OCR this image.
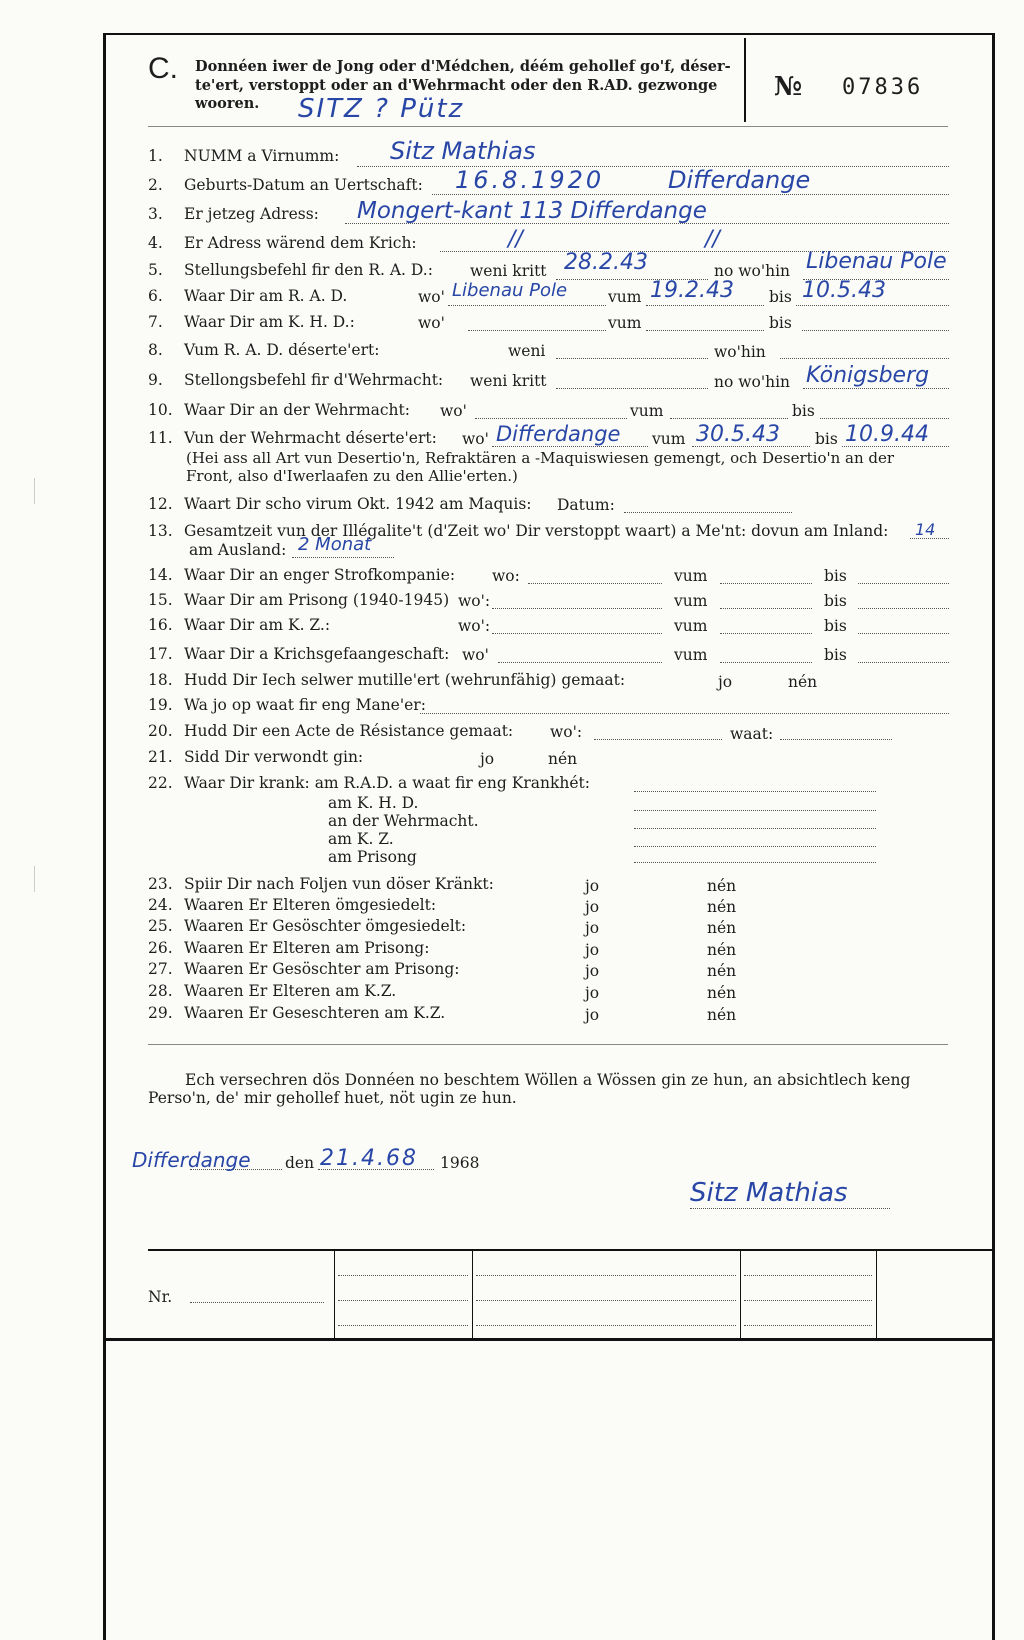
C. Donnéen iwer de Jong oder d'Médchen, déém gehollef go'f, déser-
te'ert, verstoppt oder an d'Wehrmacht oder den R.AD. gezwonge
wooren. SITZ ? Pütz
№ 07836
1. NUMM a Virnumm: Sitz Mathias
2. Geburts-Datum an Uertschaft: 16.8.1920	Differdange
3. Er jetzeg Adress: Mongert-kant 113 Differdange
4. Er Adress wärend dem Krich:	//	//
5. Stellungsbefehl fir den R. A. D.: weni kritt 28.2.43	no wo'hin Libenau Pole
6. Waar Dir am R. A. D.	wo' Libenau Pole	vum 19.2.43 bis 10.5.43
7. Waar Dir am K. H. D.:	wo'	vum	bis
8. Vum R. A. D. déserte'ert:	weni	wo'hin
9. Stellongsbefehl fir d'Wehrmacht: weni kritt	no wo'hin Königsberg
10. Waar Dir an der Wehrmacht: wo'	vum	bis
11. Vun der Wehrmacht déserte'ert: wo' Differdange vum 30.5.43 bis 10.9.44
(Hei ass all Art vun Desertio'n, Refraktären a -Maquiswiesen gemengt, och Desertio'n an der
Front, also d'Iwerlaafen zu den Allie'erten.)
12. Waart Dir scho virum Okt. 1942 am Maquis: Datum:
13. Gesamtzeit vun der Illégalite't (d'Zeit wo' Dir verstoppt waart) a Me'nt: dovun am Inland: 14
am Ausland: 2 Monat
14. Waar Dir an enger Strofkompanie: wo:	vum	bis
15. Waar Dir am Prisong (1940-1945) wo':	vum	bis
16. Waar Dir am K. Z.:	wo':	vum	bis
17. Waar Dir a Krichsgefaangeschaft: wo'	vum	bis
18. Hudd Dir Iech selwer mutille'ert (wehrunfähig) gemaat:	jo	nén
19. Wa jo op waat fir eng Mane'er:
20. Hudd Dir een Acte de Résistance gemaat: wo':	waat:
21. Sidd Dir verwondt gin:	jo	nén
22. Waar Dir krank: am R.A.D. a waat fir eng Krankhét:
am K. H. D.
an der Wehrmacht.
am K. Z.
am Prisong
23. Spiir Dir nach Foljen vun döser Kränkt:	jo	nén
24. Waaren Er Elteren ömgesiedelt:	jo	nén
25. Waaren Er Gesöschter ömgesiedelt:	jo	nén
26. Waaren Er Elteren am Prisong:	jo	nén
27. Waaren Er Gesöschter am Prisong:	jo	nén
28. Waaren Er Elteren am K.Z.	jo	nén
29. Waaren Er Geseschteren am K.Z.	jo	nén
Ech versechren dös Donnéen no beschtem Wöllen a Wössen gin ze hun, an absichtlech keng
Perso'n, de' mir gehollef huet, nöt ugin ze hun.
Differdange den 21.4.68 1968
Sitz Mathias
Nr.
